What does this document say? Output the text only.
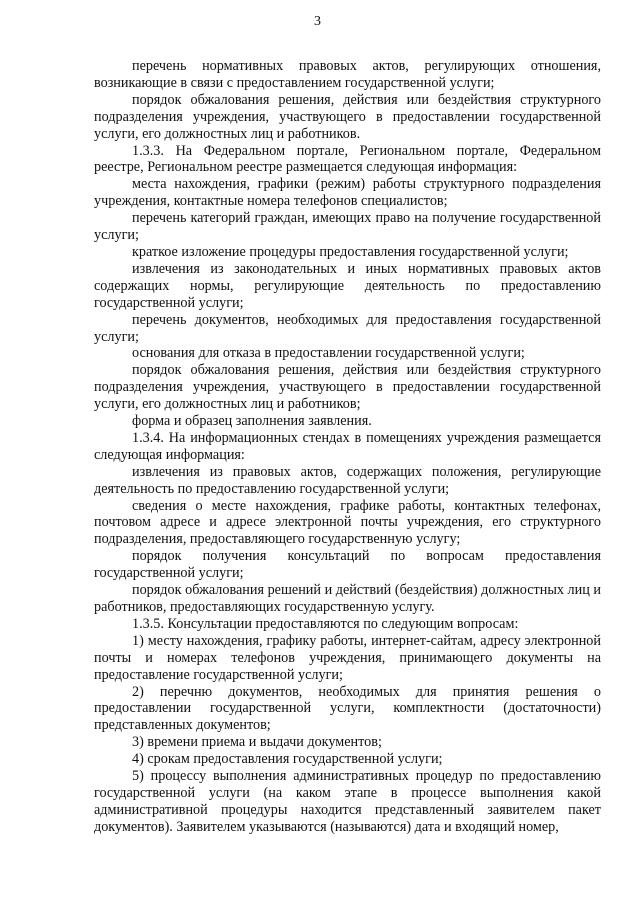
3

перечень нормативных правовых актов, регулирующих отношения, возникающие в связи с предоставлением государственной услуги;

порядок обжалования решения, действия или бездействия структурного подразделения учреждения, участвующего в предоставлении государственной услуги, его должностных лиц и работников.

1.3.3. На Федеральном портале, Региональном портале, Федеральном реестре, Региональном реестре размещается следующая информация:

места нахождения, графики (режим) работы структурного подразделения учреждения, контактные номера телефонов специалистов;

перечень категорий граждан, имеющих право на получение государственной услуги;

краткое изложение процедуры предоставления государственной услуги;

извлечения из законодательных и иных нормативных правовых актов содержащих нормы, регулирующие деятельность по предоставлению государственной услуги;

перечень документов, необходимых для предоставления государственной услуги;

основания для отказа в предоставлении государственной услуги;

порядок обжалования решения, действия или бездействия структурного подразделения учреждения, участвующего в предоставлении государственной услуги, его должностных лиц и работников;

форма и образец заполнения заявления.

1.3.4. На информационных стендах в помещениях учреждения размещается следующая информация:

извлечения из правовых актов, содержащих положения, регулирующие деятельность по предоставлению государственной услуги;

сведения о месте нахождения, графике работы, контактных телефонах, почтовом адресе и адресе электронной почты учреждения, его структурного подразделения, предоставляющего государственную услугу;

порядок получения консультаций по вопросам предоставления государственной услуги;

порядок обжалования решений и действий (бездействия) должностных лиц и работников, предоставляющих государственную услугу.

1.3.5. Консультации предоставляются по следующим вопросам:

1) месту нахождения, графику работы, интернет-сайтам, адресу электронной почты и номерах телефонов учреждения, принимающего документы на предоставление государственной услуги;

2) перечню документов, необходимых для принятия решения о предоставлении государственной услуги, комплектности (достаточности) представленных документов;

3) времени приема и выдачи документов;

4) срокам предоставления государственной услуги;

5) процессу выполнения административных процедур по предоставлению государственной услуги (на каком этапе в процессе выполнения какой административной процедуры находится представленный заявителем пакет документов). Заявителем указываются (называются) дата и входящий номер,
